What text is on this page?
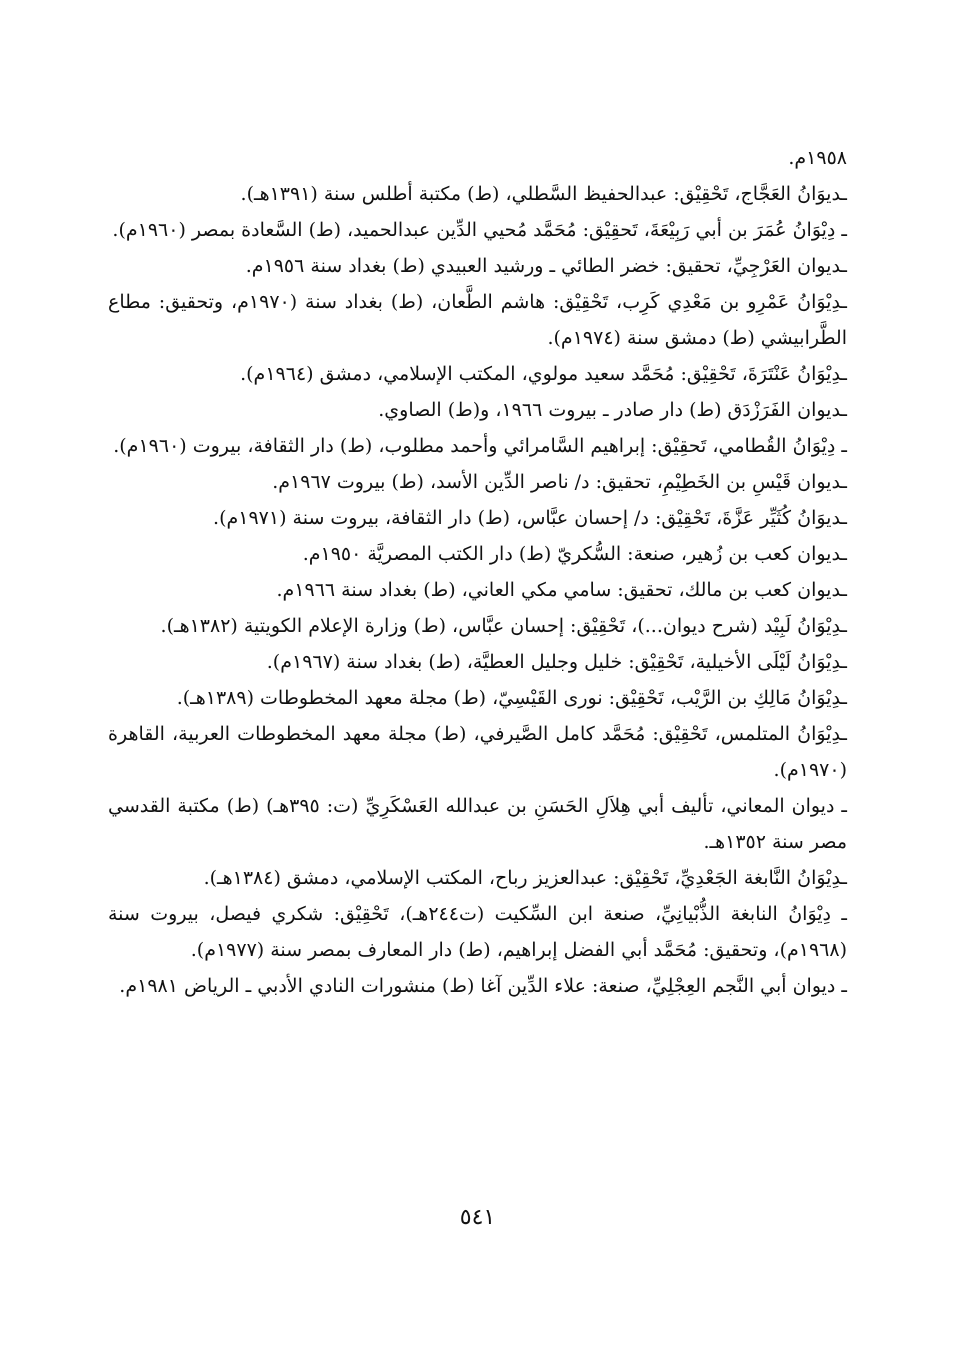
١٩٥٨م.

ـديوَانُ العَجَّاج، تَحْقِيْق: عبدالحفيظ السَّطلي، (ط) مكتبة أطلس سنة (١٣٩١هـ).

ـ دِيْوَانُ عُمَرَ بن أبي رَبِيْعَةَ، تَحقِيْق: مُحَمَّد مُحيي الدِّين عبدالحميد، (ط) السَّعادة بمصر (١٩٦٠م).

ـديوان العَرْجِيِّ، تحقيق: خضر الطائي ـ ورشيد العبيدي (ط) بغداد سنة ١٩٥٦م.

ـدِيْوَانُ عَمْرِو بن مَعْدِي كَرِب، تَحْقِيْق: هاشم الطَّعان، (ط) بغداد سنة (١٩٧٠م، وتحقيق: مطاع الطَّرابيشي (ط) دمشق سنة (١٩٧٤م).

ـدِيْوَانُ عَنْتَرَةَ، تَحْقِيْق: مُحَمَّد سعيد مولوي، المكتب الإسلامي، دمشق (١٩٦٤م).

ـديوان الفَرَزْدَق (ط) دار صادر ـ بيروت ١٩٦٦، و(ط) الصاوي.

ـ دِيْوَانُ القُطامي، تَحقِيْق: إبراهيم السَّامرائي وأحمد مطلوب، (ط) دار الثقافة، بيروت (١٩٦٠م).

ـديوان قَيْسِ بن الخَطِيْمِ، تحقيق: د/ ناصر الدِّين الأسد، (ط) بيروت ١٩٦٧م.

ـديوَانُ كُثَيِّر عَزَّةَ، تَحْقِيْق: د/ إحسان عبَّاس، (ط) دار الثقافة، بيروت سنة (١٩٧١م).

ـديوان كعب بن زُهير، صنعة: السُّكريّ (ط) دار الكتب المصريَّة ١٩٥٠م.

ـديوان كعب بن مالك، تحقيق: سامي مكي العاني، (ط) بغداد سنة ١٩٦٦م.

ـدِيْوَانُ لَبِيْد (شرح ديوان...)، تَحْقِيْق: إحسان عبَّاس، (ط) وزارة الإعلام الكويتية (١٣٨٢هـ).

ـدِيْوَانُ لَيْلَى الأخيلية، تَحْقِيْق: خليل وجليل العطيَّة، (ط) بغداد سنة (١٩٦٧م).

ـدِيْوَانُ مَالِكِ بن الرَّيْب، تَحْقِيْق: نورى القَيْسِيّ، (ط) مجلة معهد المخطوطات (١٣٨٩هـ).

ـدِيْوَانُ المتلمس، تَحْقِيْق: مُحَمَّد كامل الصَّيرفي، (ط) مجلة معهد المخطوطات العربية، القاهرة (١٩٧٠م).

ـ ديوان المعاني، تأليف أبي هِلاَلِ الحَسَنِ بن عبدالله العَسْكَرِيِّ (ت: ٣٩٥هـ) (ط) مكتبة القدسي مصر سنة ١٣٥٢هـ.

ـدِيْوَانُ النَّابغة الجَعْدِيِّ، تَحْقِيْق: عبدالعزيز رباح، المكتب الإسلامي، دمشق (١٣٨٤هـ).

ـ دِيْوَانُ النابغة الذُّبْيانِيِّ، صنعة ابن السِّكيت (ت٢٤٤هـ)، تَحْقِيْق: شكري فيصل، بيروت سنة (١٩٦٨م)، وتحقيق: مُحَمَّد أبي الفضل إبراهيم، (ط) دار المعارف بمصر سنة (١٩٧٧م).

ـ ديوان أبي النَّجم العِجْلِيِّ، صنعة: علاء الدِّين آغا (ط) منشورات النادي الأدبي ـ الرياض ١٩٨١م.

٥٤١
